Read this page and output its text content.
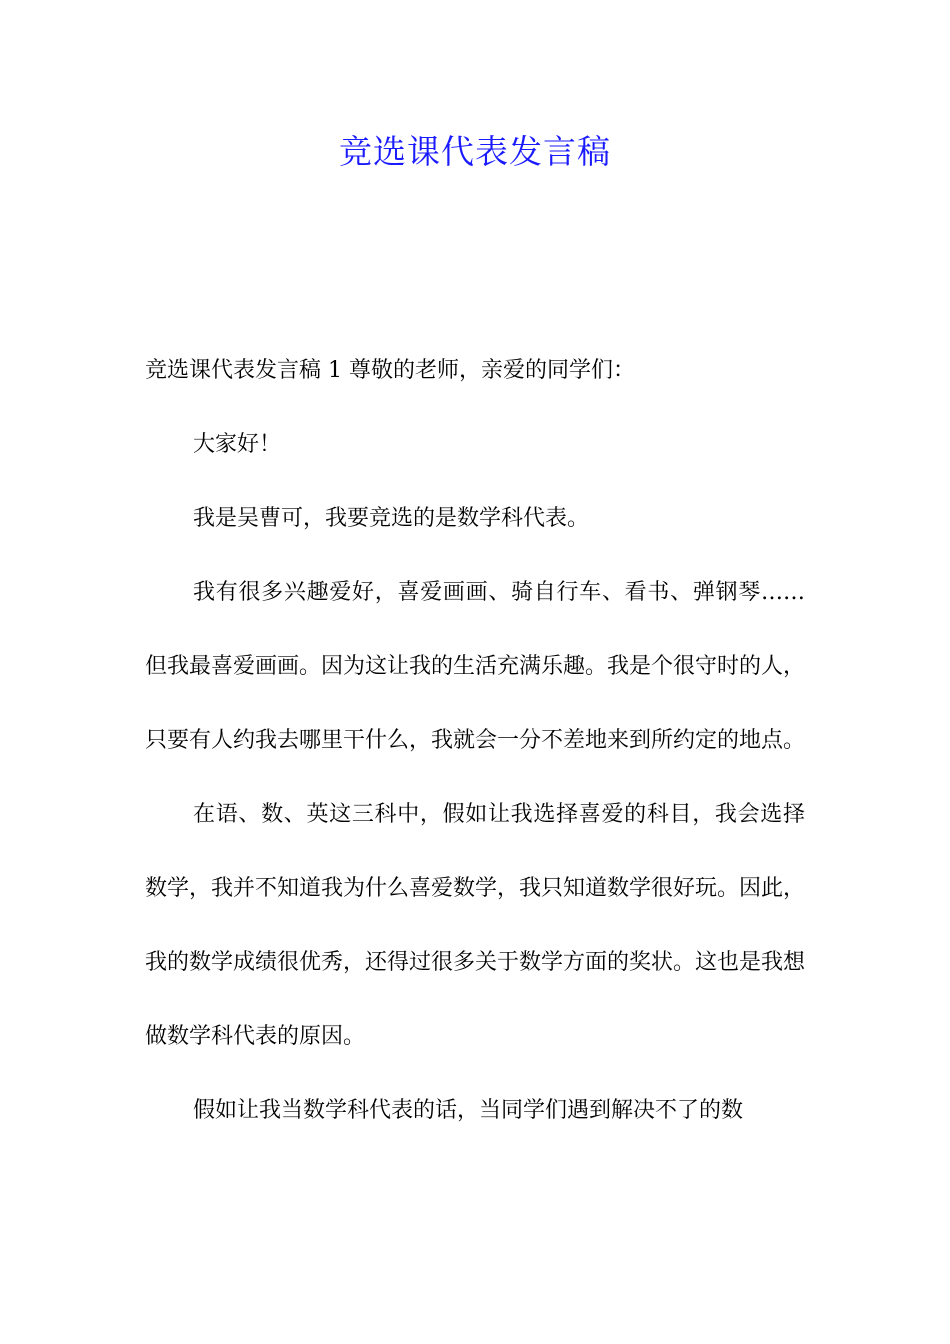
竞选课代表发言稿

竞选课代表发言稿 1 尊敬的老师，亲爱的同学们：

大家好！

我是吴曹可，我要竞选的是数学科代表。

我有很多兴趣爱好，喜爱画画、骑自行车、看书、弹钢琴……但我最喜爱画画。因为这让我的生活充满乐趣。我是个很守时的人，只要有人约我去哪里干什么，我就会一分不差地来到所约定的地点。

在语、数、英这三科中，假如让我选择喜爱的科目，我会选择数学，我并不知道我为什么喜爱数学，我只知道数学很好玩。因此，我的数学成绩很优秀，还得过很多关于数学方面的奖状。这也是我想做数学科代表的原因。

假如让我当数学科代表的话，当同学们遇到解决不了的数
